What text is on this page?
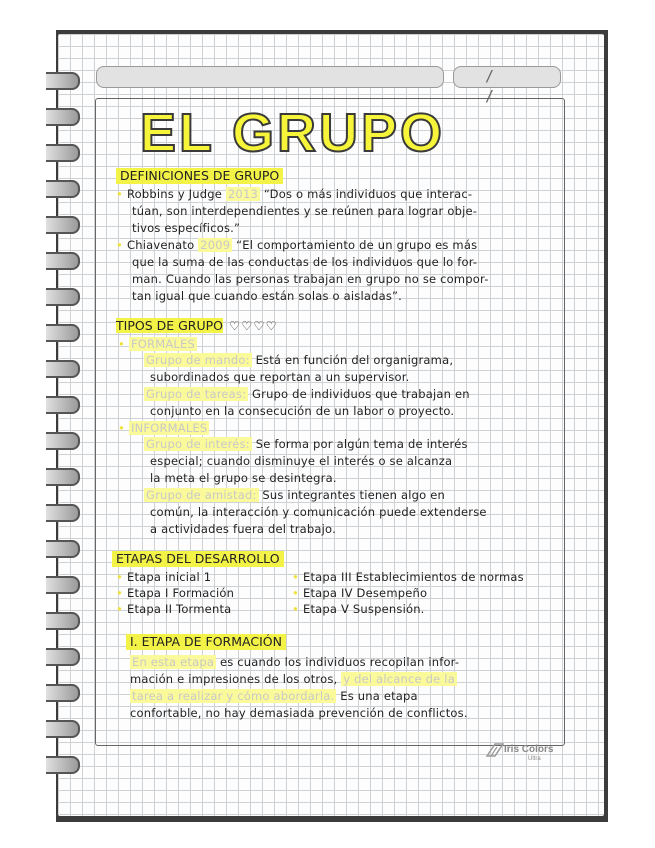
/ /
EL GRUPO
DEFINICIONES DE GRUPO
• Robbins y Judge 2013 “Dos o más individuos que interac-
túan, son interdependientes y se reúnen para lograr obje-
tivos específicos.”
• Chiavenato 2009 “El comportamiento de un grupo es más
que la suma de las conductas de los individuos que lo for-
man. Cuando las personas trabajan en grupo no se compor-
tan igual que cuando están solas o aisladas”.
TIPOS DE GRUPO ♡♡♡♡
• FORMALES
Grupo de mando: Está en función del organigrama,
subordinados que reportan a un supervisor.
Grupo de tareas: Grupo de individuos que trabajan en
conjunto en la consecución de un labor o proyecto.
• INFORMALES
Grupo de interés: Se forma por algún tema de interés
especial; cuando disminuye el interés o se alcanza
la meta el grupo se desintegra.
Grupo de amistad: Sus integrantes tienen algo en
común, la interacción y comunicación puede extenderse
a actividades fuera del trabajo.
ETAPAS DEL DESARROLLO
• Etapa inicial 1
• Etapa I Formación
• Etapa II Tormenta
• Etapa III Establecimientos de normas
• Etapa IV Desempeño
• Etapa V Suspensión.
I. ETAPA DE FORMACIÓN
En esta etapa es cuando los individuos recopilan infor-
mación e impresiones de los otros, y del alcance de la
tarea a realizar y cómo abordarla. Es una etapa
confortable, no hay demasiada prevención de conflictos.
Iris Colors
Ultra
